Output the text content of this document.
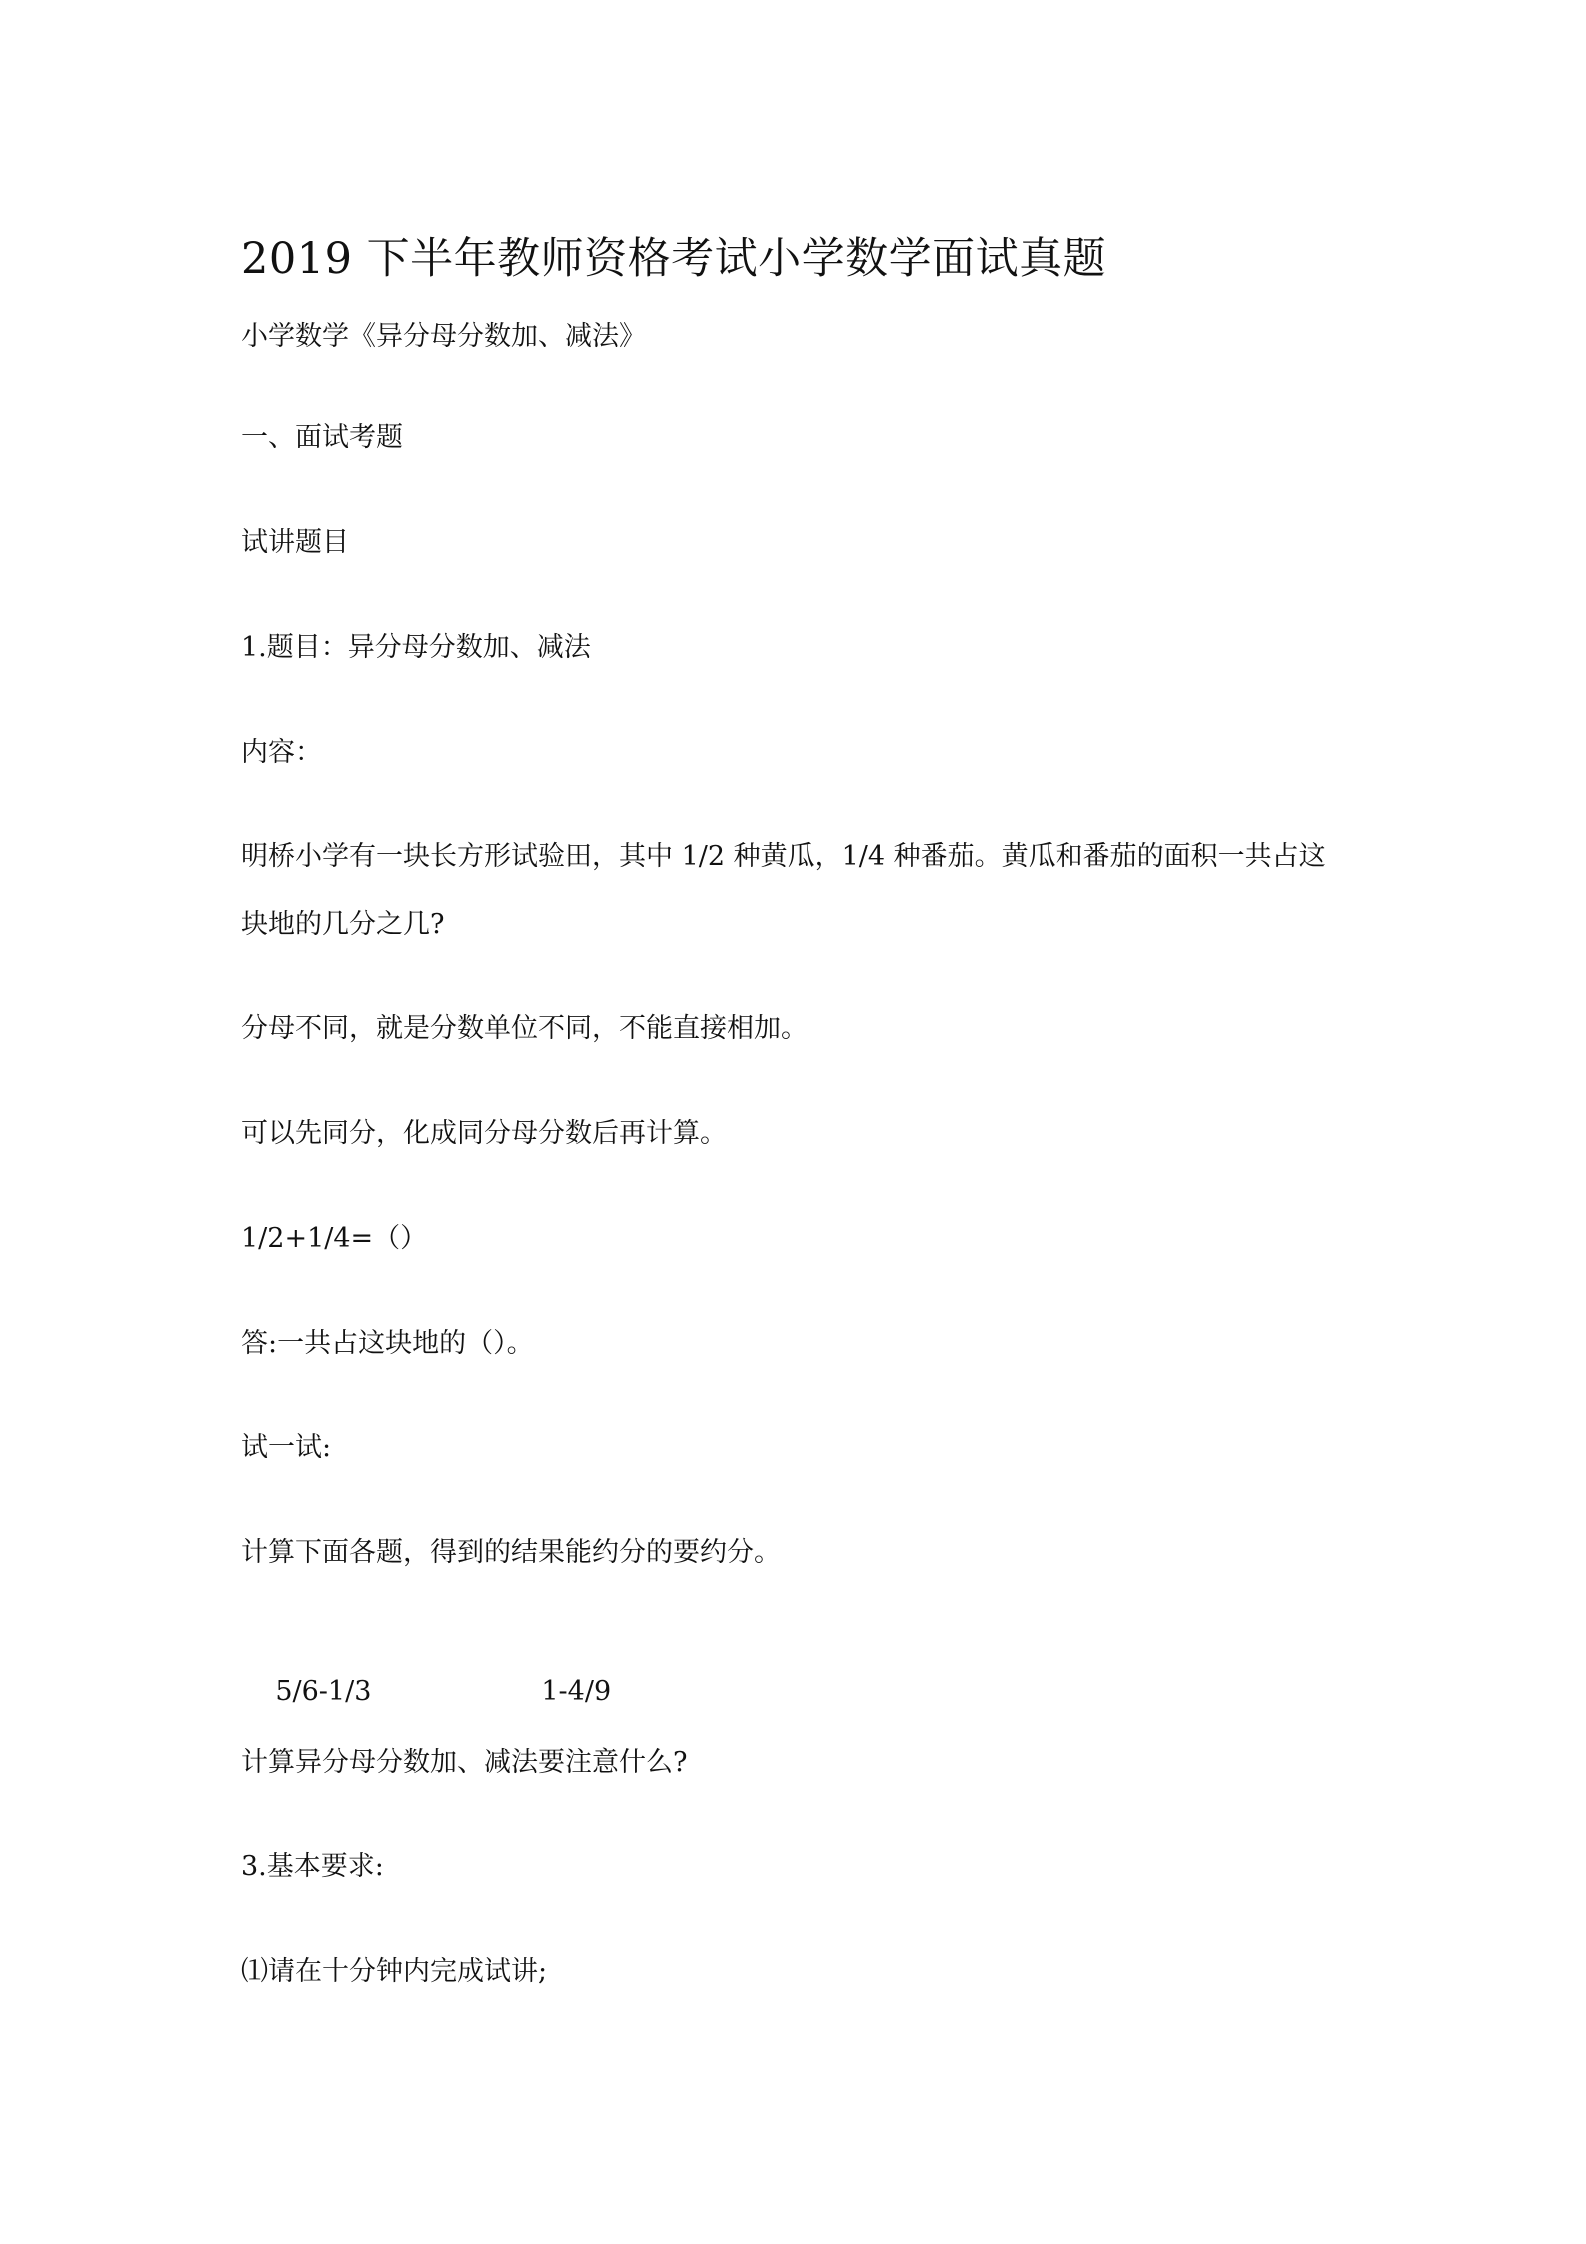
2019 下半年教师资格考试小学数学面试真题
小学数学《异分母分数加、减法》
一、面试考题
试讲题目
1.题目：异分母分数加、减法
内容：
明桥小学有一块长方形试验田，其中 1/2 种黄瓜，1/4 种番茄。黄瓜和番茄的面积一共占这
块地的几分之几?
分母不同，就是分数单位不同，不能直接相加。
可以先同分，化成同分母分数后再计算。
1/2+1/4=（）
答:一共占这块地的（）。
试一试:
计算下面各题，得到的结果能约分的要约分。

5/6-1/3	1-4/9

计算异分母分数加、减法要注意什么?
3.基本要求:
⑴请在十分钟内完成试讲;
